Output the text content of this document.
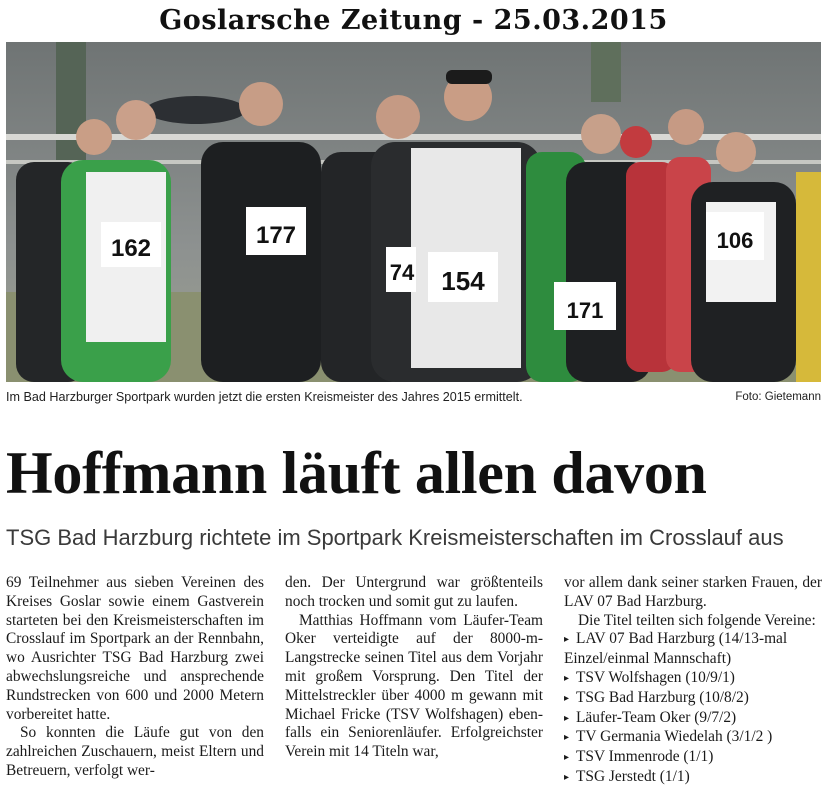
Goslarsche Zeitung - 25.03.2015
162	177
74 154
171
106
Im Bad Harzburger Sportpark wurden jetzt die ersten Kreismeister des Jahres 2015 ermittelt.	Foto: Gietemann
Hoffmann läuft allen davon
TSG Bad Harzburg richtete im Sportpark Kreismeisterschaften im Crosslauf aus

69 Teilnehmer aus sieben Vereinen des Kreises Goslar sowie einem Gastverein starteten bei den Kreismeisterschaften im Crosslauf im Sportpark an der Rennbahn, wo Ausrichter TSG Bad Harzburg zwei abwechslungsreiche und ansprechende Rundstrecken von 600 und 2000 Metern vorbereitet hatte.

So konnten die Läufe gut von den zahlreichen Zuschauern, meist Eltern und Betreuern, verfolgt wer-

den. Der Untergrund war größtenteils noch trocken und somit gut zu laufen.

Matthias Hoffmann vom Läufer-Team Oker verteidigte auf der 8000-m-Langstrecke seinen Titel aus dem Vorjahr mit großem Vorsprung. Den Titel der Mittelstreckler über 4000 m gewann mit Michael Fricke (TSV Wolfshagen) ebenfalls ein Seniorenläufer. Erfolgreichster Verein mit 14 Titeln war,

vor allem dank seiner starken Frauen, der LAV 07 Bad Harzburg.

Die Titel teilten sich folgende Vereine:

▸ LAV 07 Bad Harzburg (14/13-mal
Einzel/einmal Mannschaft)
▸ TSV Wolfshagen (10/9/1)
▸ TSG Bad Harzburg (10/8/2)
▸ Läufer-Team Oker (9/7/2)
▸ TV Germania Wiedelah (3/1/2 )
▸ TSV Immenrode (1/1)
▸ TSG Jerstedt (1/1)
